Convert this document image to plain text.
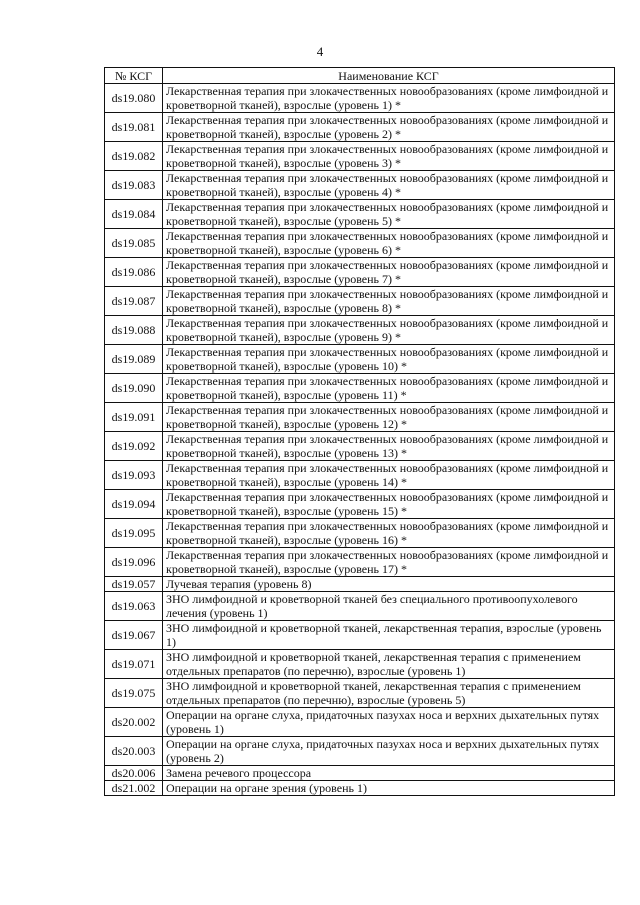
4
№ КСГ	Наименование КСГ
ds19.080	Лекарственная терапия при злокачественных новообразованиях (кроме лимфоидной и кроветворной тканей), взрослые (уровень 1) *
ds19.081	Лекарственная терапия при злокачественных новообразованиях (кроме лимфоидной и кроветворной тканей), взрослые (уровень 2) *
ds19.082	Лекарственная терапия при злокачественных новообразованиях (кроме лимфоидной и кроветворной тканей), взрослые (уровень 3) *
ds19.083	Лекарственная терапия при злокачественных новообразованиях (кроме лимфоидной и кроветворной тканей), взрослые (уровень 4) *
ds19.084	Лекарственная терапия при злокачественных новообразованиях (кроме лимфоидной и кроветворной тканей), взрослые (уровень 5) *
ds19.085	Лекарственная терапия при злокачественных новообразованиях (кроме лимфоидной и кроветворной тканей), взрослые (уровень 6) *
ds19.086	Лекарственная терапия при злокачественных новообразованиях (кроме лимфоидной и кроветворной тканей), взрослые (уровень 7) *
ds19.087	Лекарственная терапия при злокачественных новообразованиях (кроме лимфоидной и кроветворной тканей), взрослые (уровень 8) *
ds19.088	Лекарственная терапия при злокачественных новообразованиях (кроме лимфоидной и кроветворной тканей), взрослые (уровень 9) *
ds19.089	Лекарственная терапия при злокачественных новообразованиях (кроме лимфоидной и кроветворной тканей), взрослые (уровень 10) *
ds19.090	Лекарственная терапия при злокачественных новообразованиях (кроме лимфоидной и кроветворной тканей), взрослые (уровень 11) *
ds19.091	Лекарственная терапия при злокачественных новообразованиях (кроме лимфоидной и кроветворной тканей), взрослые (уровень 12) *
ds19.092	Лекарственная терапия при злокачественных новообразованиях (кроме лимфоидной и кроветворной тканей), взрослые (уровень 13) *
ds19.093	Лекарственная терапия при злокачественных новообразованиях (кроме лимфоидной и кроветворной тканей), взрослые (уровень 14) *
ds19.094	Лекарственная терапия при злокачественных новообразованиях (кроме лимфоидной и кроветворной тканей), взрослые (уровень 15) *
ds19.095	Лекарственная терапия при злокачественных новообразованиях (кроме лимфоидной и кроветворной тканей), взрослые (уровень 16) *
ds19.096	Лекарственная терапия при злокачественных новообразованиях (кроме лимфоидной и кроветворной тканей), взрослые (уровень 17) *
ds19.057	Лучевая терапия (уровень 8)
ds19.063	ЗНО лимфоидной и кроветворной тканей без специального противоопухолевого лечения (уровень 1)
ds19.067	ЗНО лимфоидной и кроветворной тканей, лекарственная терапия, взрослые (уровень 1)
ds19.071	ЗНО лимфоидной и кроветворной тканей, лекарственная терапия с применением отдельных препаратов (по перечню), взрослые (уровень 1)
ds19.075	ЗНО лимфоидной и кроветворной тканей, лекарственная терапия с применением отдельных препаратов (по перечню), взрослые (уровень 5)
ds20.002	Операции на органе слуха, придаточных пазухах носа и верхних дыхательных путях (уровень 1)
ds20.003	Операции на органе слуха, придаточных пазухах носа и верхних дыхательных путях (уровень 2)
ds20.006	Замена речевого процессора
ds21.002	Операции на органе зрения (уровень 1)
